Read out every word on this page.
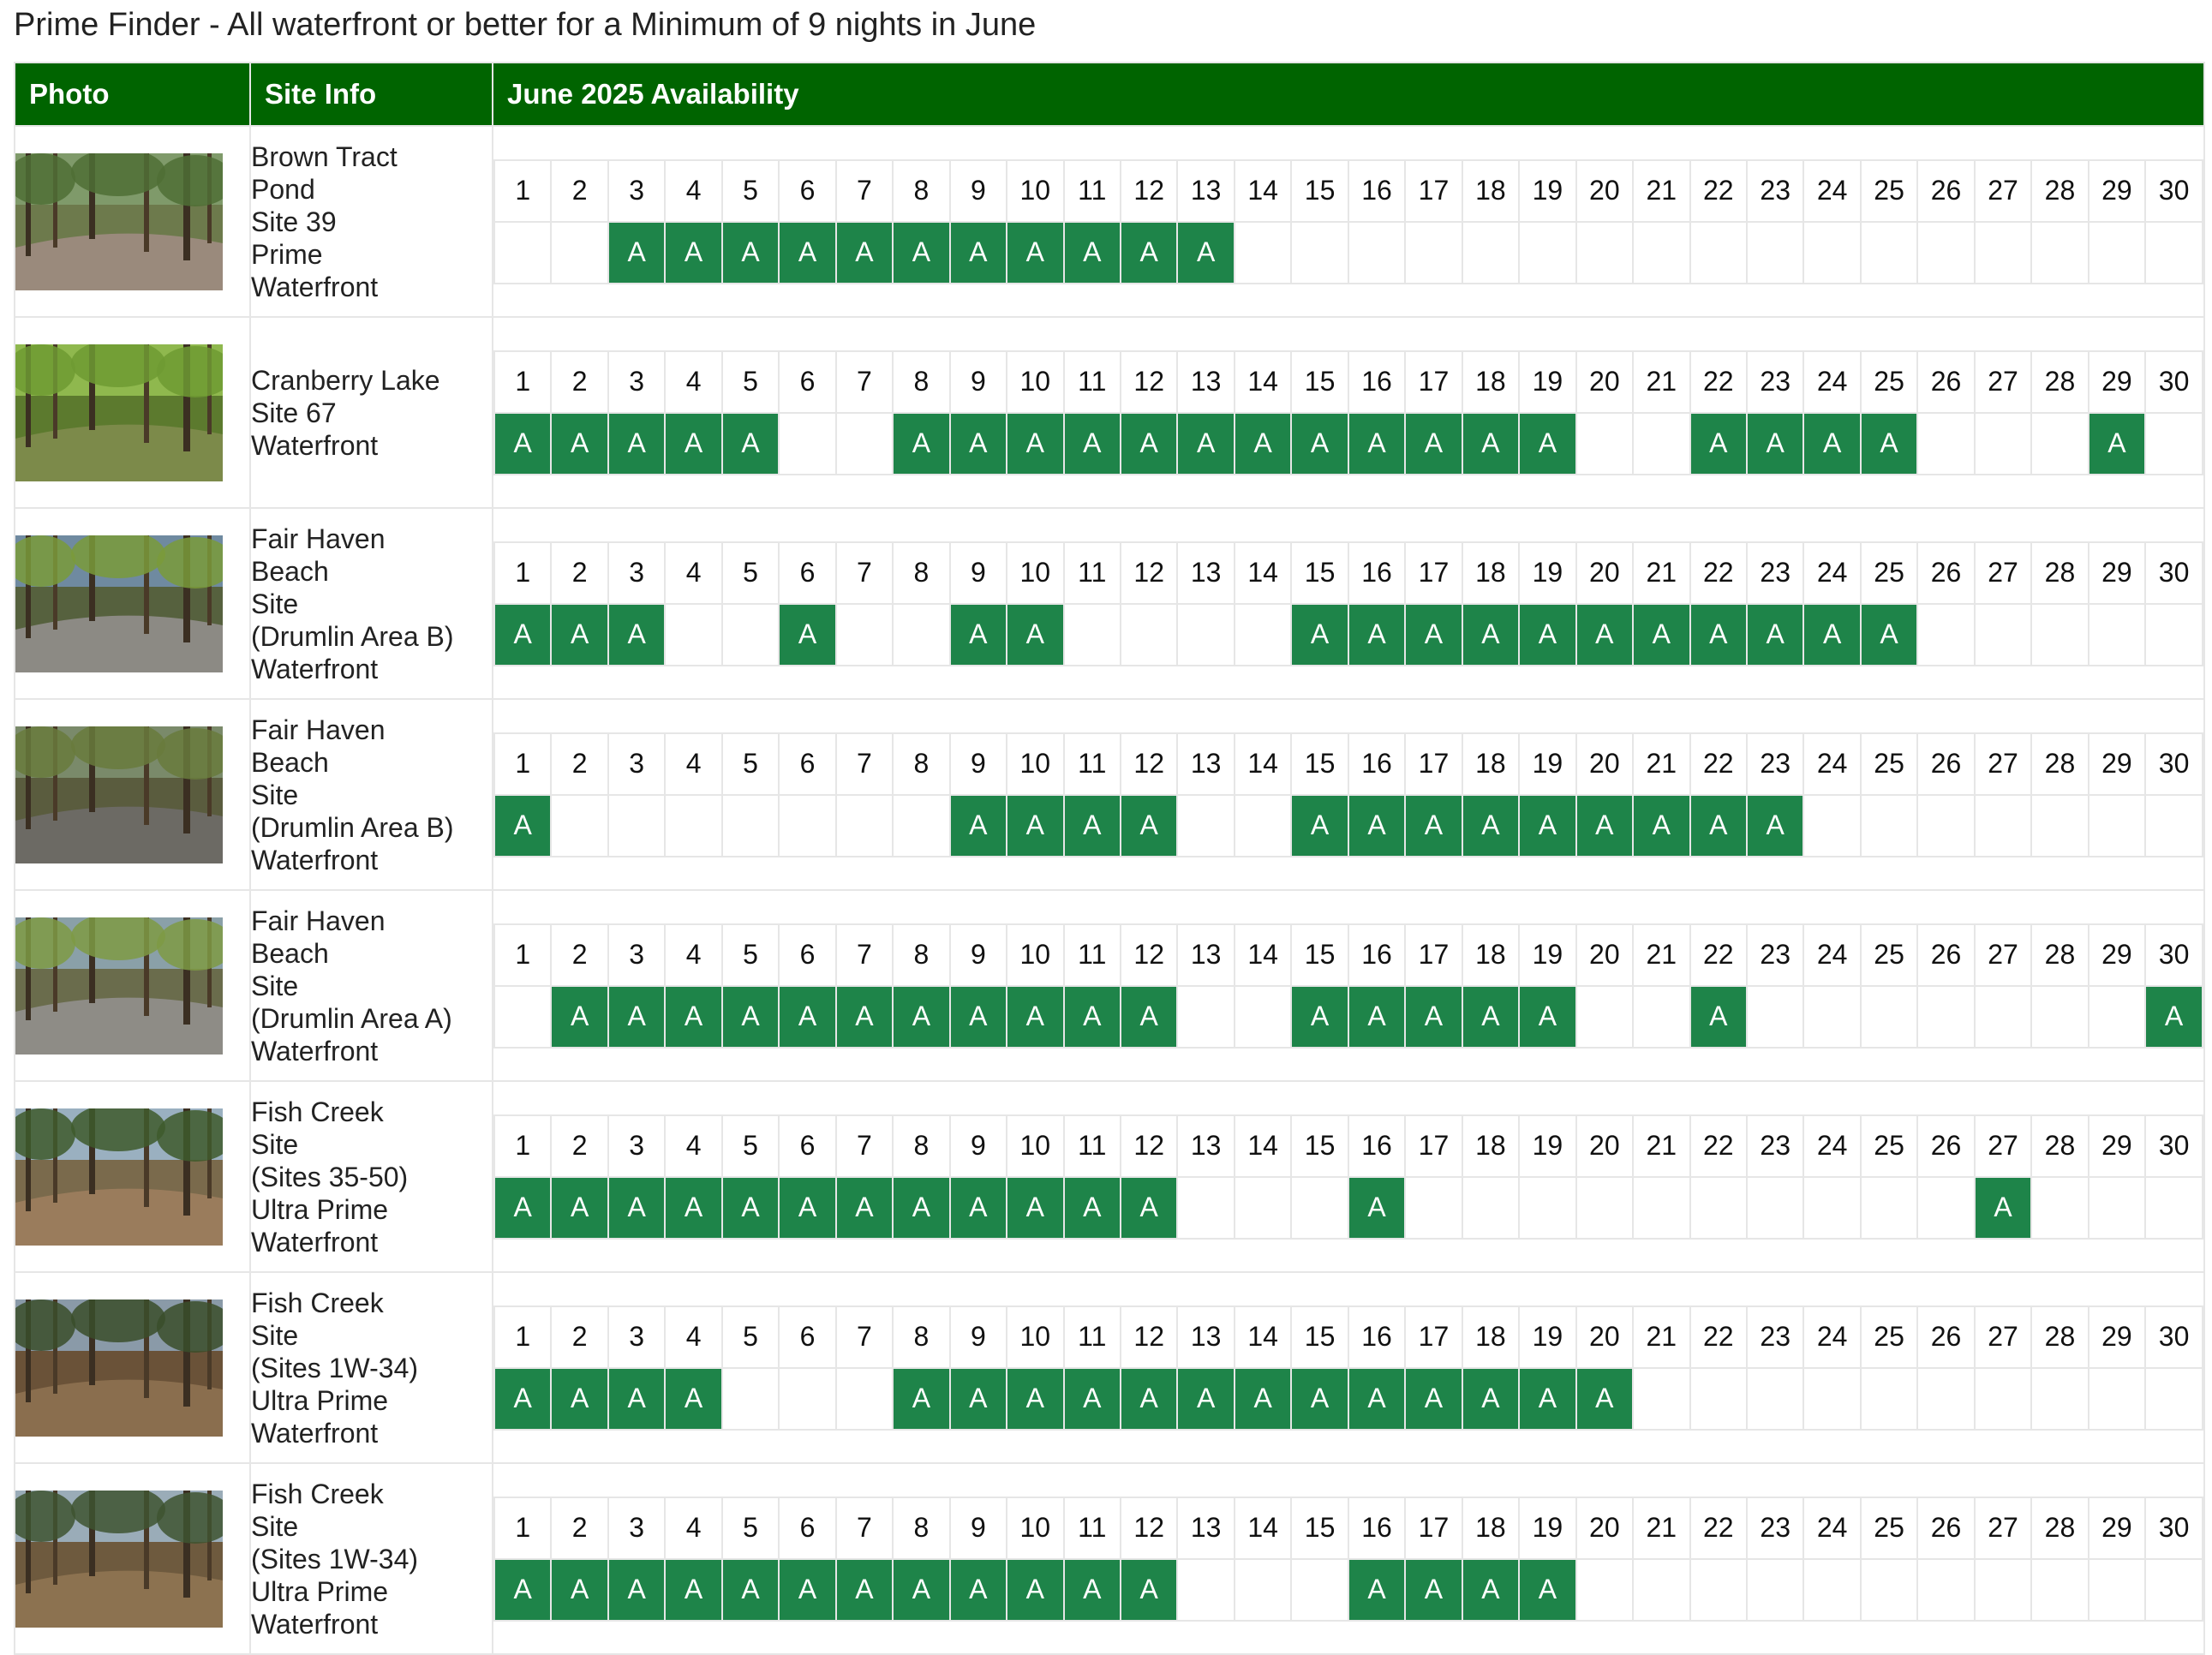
Prime Finder - All waterfront or better for a Minimum of 9 nights in June
Photo	Site Info	June 2025 Availability

Brown Tract
Pond
Site 39
Prime
Waterfront

1	2	3	4	5	6	7	8	9	10	11	12	13	14	15	16	17	18	19	20	21	22	23	24	25	26	27	28	29	30
		A	A	A	A	A	A	A	A	A	A	A																	

Cranberry Lake
Site 67
Waterfront

1	2	3	4	5	6	7	8	9	10	11	12	13	14	15	16	17	18	19	20	21	22	23	24	25	26	27	28	29	30
A	A	A	A	A			A	A	A	A	A	A	A	A	A	A	A	A			A	A	A	A				A	

Fair Haven
Beach
Site
(Drumlin Area B)
Waterfront

1	2	3	4	5	6	7	8	9	10	11	12	13	14	15	16	17	18	19	20	21	22	23	24	25	26	27	28	29	30
A	A	A			A			A	A					A	A	A	A	A	A	A	A	A	A	A					

Fair Haven
Beach
Site
(Drumlin Area B)
Waterfront

1	2	3	4	5	6	7	8	9	10	11	12	13	14	15	16	17	18	19	20	21	22	23	24	25	26	27	28	29	30
A								A	A	A	A			A	A	A	A	A	A	A	A	A							

Fair Haven
Beach
Site
(Drumlin Area A)
Waterfront

1	2	3	4	5	6	7	8	9	10	11	12	13	14	15	16	17	18	19	20	21	22	23	24	25	26	27	28	29	30
	A	A	A	A	A	A	A	A	A	A	A			A	A	A	A	A			A								A

Fish Creek
Site
(Sites 35-50)
Ultra Prime
Waterfront

1	2	3	4	5	6	7	8	9	10	11	12	13	14	15	16	17	18	19	20	21	22	23	24	25	26	27	28	29	30
A	A	A	A	A	A	A	A	A	A	A	A				A											A			

Fish Creek
Site
(Sites 1W-34)
Ultra Prime
Waterfront

1	2	3	4	5	6	7	8	9	10	11	12	13	14	15	16	17	18	19	20	21	22	23	24	25	26	27	28	29	30
A	A	A	A				A	A	A	A	A	A	A	A	A	A	A	A	A										

Fish Creek
Site
(Sites 1W-34)
Ultra Prime
Waterfront

1	2	3	4	5	6	7	8	9	10	11	12	13	14	15	16	17	18	19	20	21	22	23	24	25	26	27	28	29	30
A	A	A	A	A	A	A	A	A	A	A	A				A	A	A	A											
